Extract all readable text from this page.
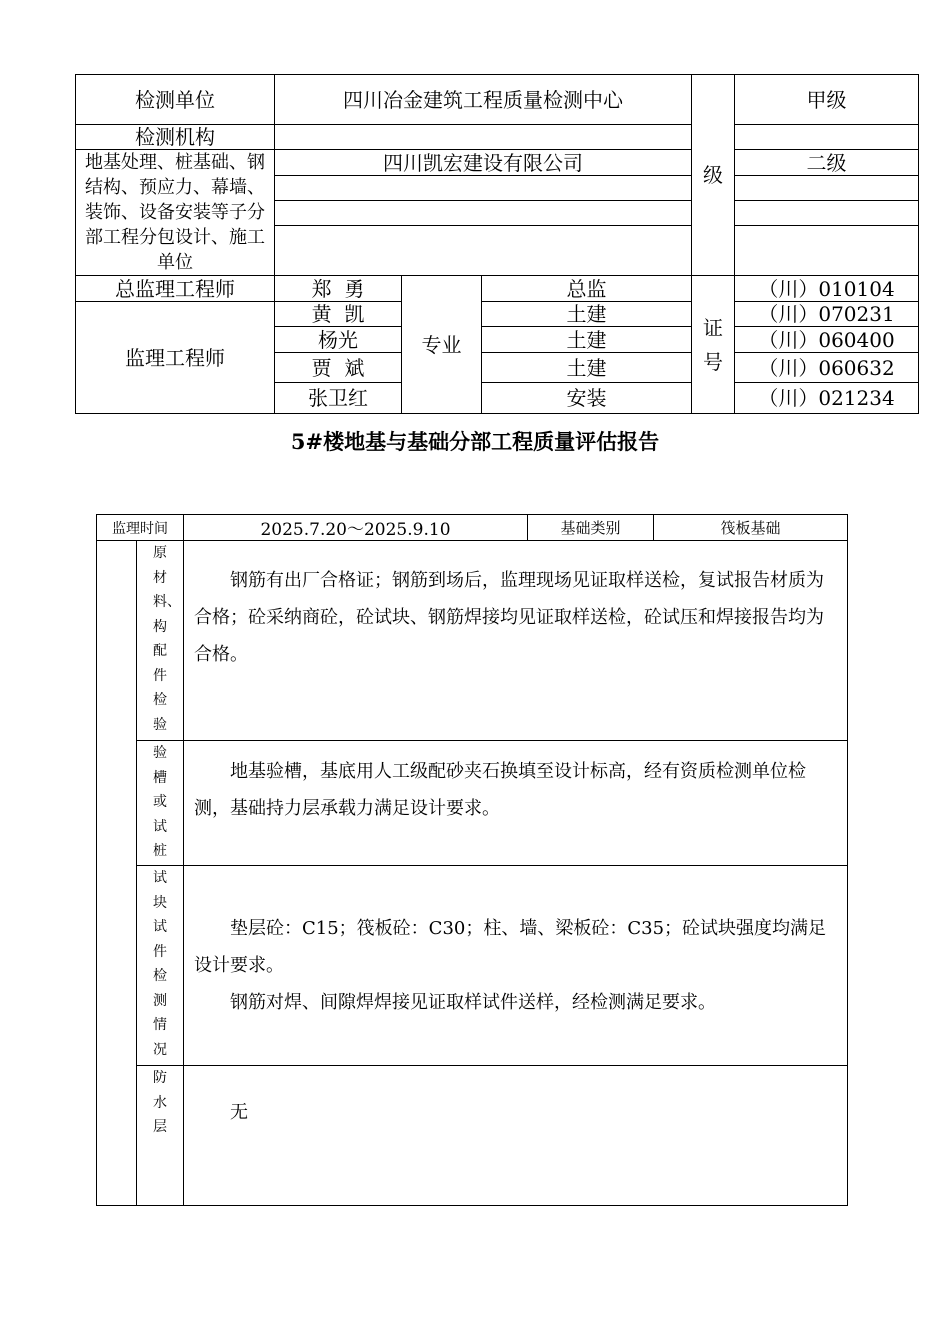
检测单位	四川冶金建筑工程质量检测中心			级	甲级
检测机构					
地基处理、桩基础、钢结构、预应力、幕墙、装饰、设备安装等子分部工程分包设计、施工单位	四川凯宏建设有限公司				二级

总监理工程师	郑  勇	专业	总监	证号	（川）010104
监理工程师	黄  凯		土建		（川）070231
	杨光		土建		（川）060400
	贾  斌		土建		（川）060632
	张卫红		安装		（川）021234
5#楼地基与基础分部工程质量评估报告
监理时间		2025.7.20～2025.9.10	基础类别	筏板基础
	原材料、构配件检验	钢筋有出厂合格证；钢筋到场后，监理现场见证取样送检，复试报告材质为合格；砼采纳商砼，砼试块、钢筋焊接均见证取样送检，砼试压和焊接报告均为合格。		

	验槽或试桩	地基验槽，基底用人工级配砂夹石换填至设计标高，经有资质检测单位检测，基础持力层承载力满足设计要求。		

	试块试件检测情况	垫层砼：C15；筏板砼：C30；柱、墙、梁板砼：C35；砼试块强度均满足设计要求。

钢筋对焊、间隙焊焊接见证取样试件送样，经检测满足要求。		

	防水层	无		
